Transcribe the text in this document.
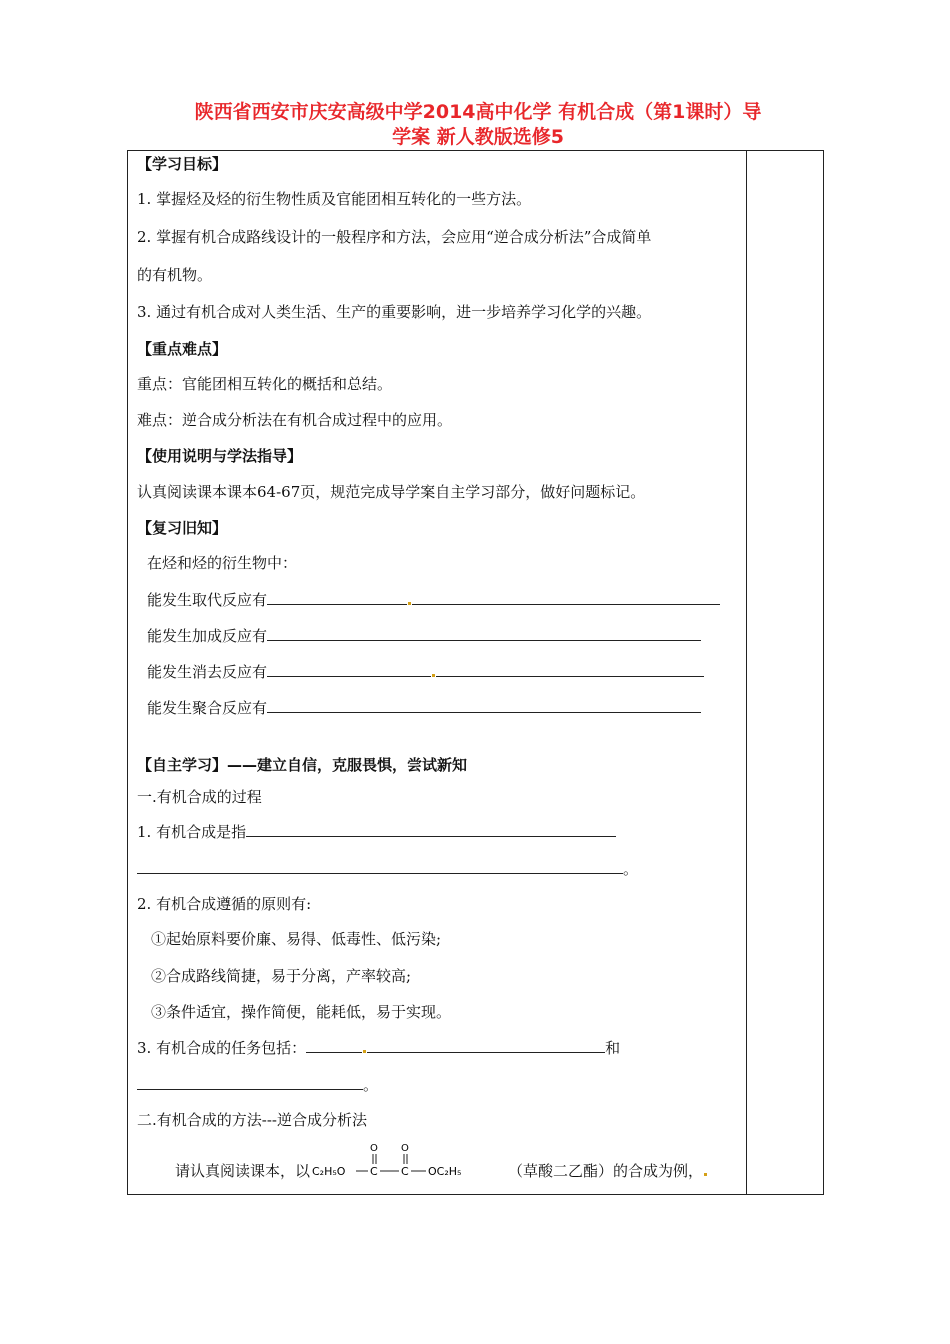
陕西省西安市庆安高级中学2014高中化学 有机合成（第1课时）导
学案 新人教版选修5
【学习目标】
1. 掌握烃及烃的衍生物性质及官能团相互转化的一些方法。
2. 掌握有机合成路线设计的一般程序和方法，会应用“逆合成分析法”合成简单
的有机物。
3. 通过有机合成对人类生活、生产的重要影响，进一步培养学习化学的兴趣。
【重点难点】
重点：官能团相互转化的概括和总结。
难点：逆合成分析法在有机合成过程中的应用。
【使用说明与学法指导】
认真阅读课本课本64-67页，规范完成导学案自主学习部分，做好问题标记。
【复习旧知】
在烃和烃的衍生物中：
能发生取代反应有
能发生加成反应有
能发生消去反应有
能发生聚合反应有
【自主学习】——建立自信，克服畏惧，尝试新知
一.有机合成的过程
1. 有机合成是指
。
2. 有机合成遵循的原则有:
①起始原料要价廉、易得、低毒性、低污染;
②合成路线简捷，易于分离，产率较高;
③条件适宜，操作简便，能耗低，易于实现。
3. 有机合成的任务包括：	和
。
二.有机合成的方法---逆合成分析法
请认真阅读课本，以 C₂H₅O C
O
C
O
OC₂H₅	（草酸二乙酯）的合成为例，
